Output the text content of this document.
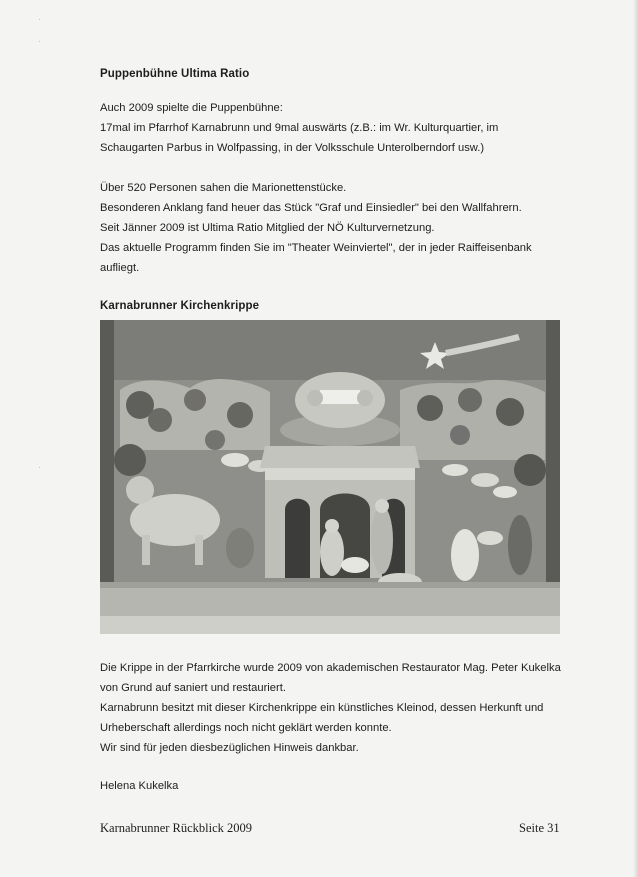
·
·
·
Puppenbühne Ultima Ratio
Auch 2009 spielte die Puppenbühne:
17mal im Pfarrhof Karnabrunn und 9mal auswärts (z.B.: im Wr. Kulturquartier, im
Schaugarten Parbus in Wolfpassing, in der Volksschule Unterolberndorf usw.)
Über 520 Personen sahen die Marionettenstücke.
Besonderen Anklang fand heuer das Stück "Graf und Einsiedler" bei den Wallfahrern.
Seit Jänner 2009 ist Ultima Ratio Mitglied der NÖ Kulturvernetzung.
Das aktuelle Programm finden Sie im "Theater Weinviertel", der in jeder Raiffeisenbank
aufliegt.
Karnabrunner Kirchenkrippe
Die Krippe in der Pfarrkirche wurde 2009 von akademischen Restaurator Mag. Peter Kukelka
von Grund auf saniert und restauriert.
Karnabrunn besitzt mit dieser Kirchenkrippe ein künstliches Kleinod, dessen Herkunft und
Urheberschaft allerdings noch nicht geklärt werden konnte.
Wir sind für jeden diesbezüglichen Hinweis dankbar.
Helena Kukelka
Karnabrunner Rückblick 2009	Seite 31
